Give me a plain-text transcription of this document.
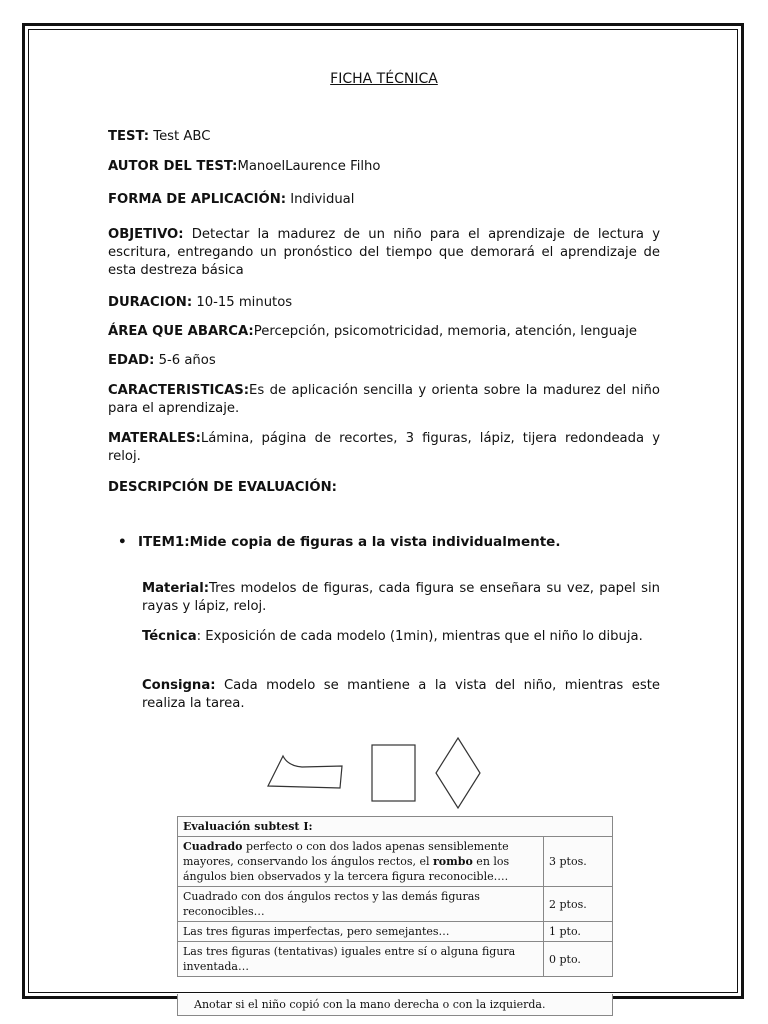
FICHA TÉCNICA
TEST: Test ABC
AUTOR DEL TEST:ManoelLaurence Filho
FORMA DE APLICACIÓN: Individual
OBJETIVO: Detectar la madurez de un niño para el aprendizaje de lectura y escritura, entregando un pronóstico del tiempo que demorará el aprendizaje de esta destreza básica
DURACION: 10-15 minutos
ÁREA QUE ABARCA:Percepción, psicomotricidad, memoria, atención, lenguaje
EDAD: 5-6 años
CARACTERISTICAS:Es de aplicación sencilla y orienta sobre la madurez del niño para el aprendizaje.
MATERALES:Lámina, página de recortes, 3 figuras, lápiz, tijera redondeada y reloj.
DESCRIPCIÓN DE EVALUACIÓN:
• ITEM1:Mide copia de figuras a la vista individualmente.
Material:Tres modelos de figuras, cada figura se enseñara su vez, papel sin rayas y lápiz, reloj.
Técnica: Exposición de cada modelo (1min), mientras que el niño lo dibuja.
Consigna: Cada modelo se mantiene a la vista del niño, mientras este realiza la tarea.
Evaluación subtest I:	
Cuadrado perfecto o con dos lados apenas sensiblemente mayores, conservando los ángulos rectos, el rombo en los ángulos bien observados y la tercera figura reconocible….	3 ptos.
Cuadrado con dos ángulos rectos y las demás figuras reconocibles…	2 ptos.
Las tres figuras imperfectas, pero semejantes…	1 pto.
Las tres figuras (tentativas) iguales entre sí o alguna figura inventada…	0 pto.
Anotar si el niño copió con la mano derecha o con la izquierda.
